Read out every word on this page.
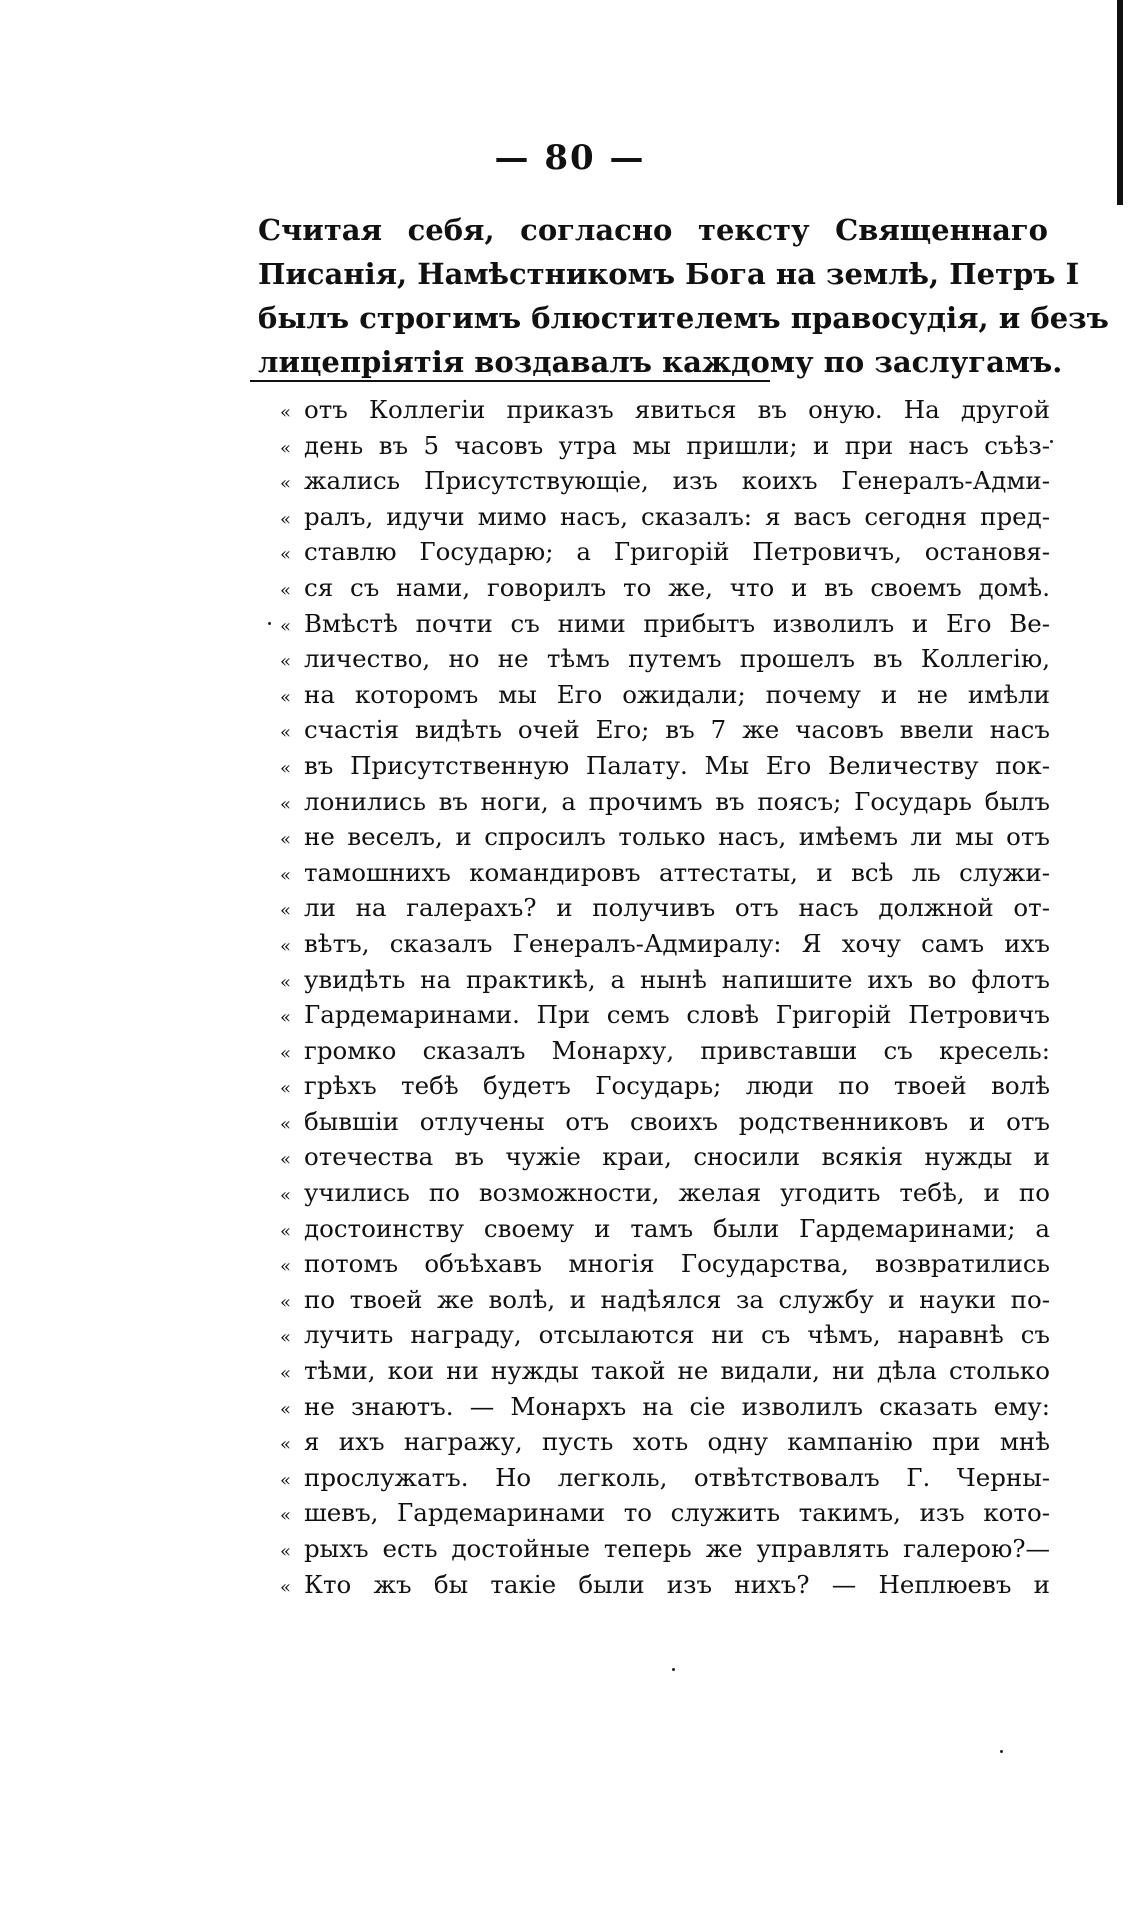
— 80 —
Считая себя, согласно тексту Священнаго
Писанія, Намѣстникомъ Бога на землѣ, Петръ I
былъ строгимъ блюстителемъ правосудія, и безъ
лицепріятія воздавалъ каждому по заслугамъ.
« отъ Коллегіи приказъ явиться въ оную. На другой
« день въ 5 часовъ утра мы пришли; и при насъ съѣз-
« жались Присутствующіе, изъ коихъ Генералъ-Адми-
« ралъ, идучи мимо насъ, сказалъ: я васъ сегодня пред-
« ставлю Государю; а Григорій Петровичъ, остановя-
« ся съ нами, говорилъ то же, что и въ своемъ домѣ.
« Вмѣстѣ почти съ ними прибытъ изволилъ и Его Ве-
« личество, но не тѣмъ путемъ прошелъ въ Коллегію,
« на которомъ мы Его ожидали; почему и не имѣли
« счастія видѣть очей Его; въ 7 же часовъ ввели насъ
« въ Присутственную Палату. Мы Его Величеству пок-
« лонились въ ноги, а прочимъ въ поясъ; Государь былъ
« не веселъ, и спросилъ только насъ, имѣемъ ли мы отъ
« тамошнихъ командировъ аттестаты, и всѣ ль служи-
« ли на галерахъ? и получивъ отъ насъ должной от-
« вѣтъ, сказалъ Генералъ-Адмиралу: Я хочу самъ ихъ
« увидѣть на практикѣ, а нынѣ напишите ихъ во флотъ
« Гардемаринами. При семъ словѣ Григорій Петровичъ
« громко сказалъ Монарху, привставши съ кресель:
« грѣхъ тебѣ будетъ Государь; люди по твоей волѣ
« бывшіи отлучены отъ своихъ родственниковъ и отъ
« отечества въ чужіе краи, сносили всякія нужды и
« учились по возможности, желая угодить тебѣ, и по
« достоинству своему и тамъ были Гардемаринами; а
« потомъ объѣхавъ многія Государства, возвратились
« по твоей же волѣ, и надѣялся за службу и науки по-
« лучить награду, отсылаются ни съ чѣмъ, наравнѣ съ
« тѣми, кои ни нужды такой не видали, ни дѣла столько
« не знаютъ. — Монархъ на сіе изволилъ сказать ему:
« я ихъ награжу, пусть хоть одну кампанію при мнѣ
« прослужатъ. Но легколь, отвѣтствовалъ Г. Черны-
« шевъ, Гардемаринами то служить такимъ, изъ кото-
« рыхъ есть достойные теперь же управлять галерою?—
« Кто жъ бы такіе были изъ нихъ? — Неплюевъ и
